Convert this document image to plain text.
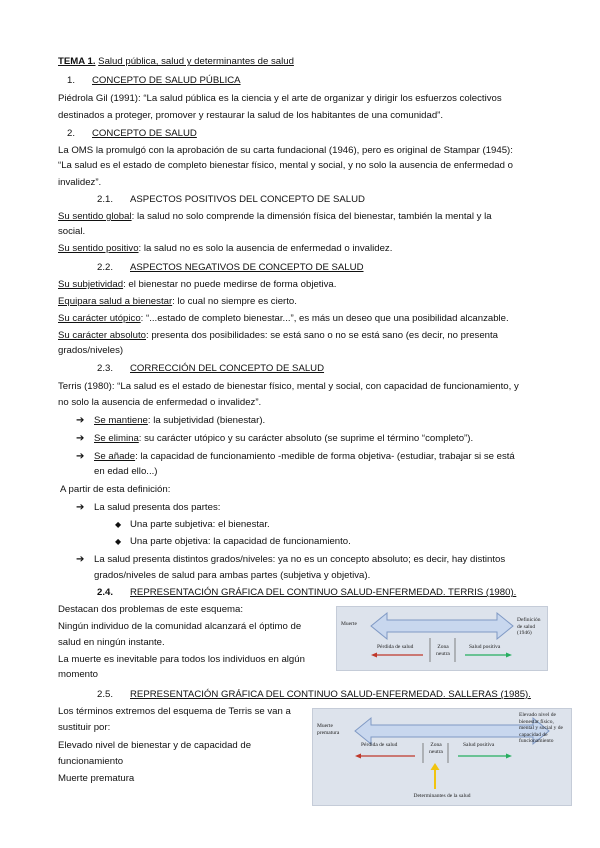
TEMA 1. Salud pública, salud y determinantes de salud
1. CONCEPTO DE SALUD PÚBLICA
Piédrola Gil (1991): “La salud pública es la ciencia y el arte de organizar y dirigir los esfuerzos colectivos
destinados a proteger, promover y restaurar la salud de los habitantes de una comunidad”.
2. CONCEPTO DE SALUD
La OMS la promulgó con la aprobación de su carta fundacional (1946), pero es original de Stampar (1945):
“La salud es el estado de completo bienestar físico, mental y social, y no solo la ausencia de enfermedad o
invalidez”.
2.1. ASPECTOS POSITIVOS DEL CONCEPTO DE SALUD
Su sentido global: la salud no solo comprende la dimensión física del bienestar, también la mental y la
social.
Su sentido positivo: la salud no es solo la ausencia de enfermedad o invalidez.
2.2. ASPECTOS NEGATIVOS DE CONCEPTO DE SALUD
Su subjetividad: el bienestar no puede medirse de forma objetiva.
Equipara salud a bienestar: lo cual no siempre es cierto.
Su carácter utópico: “...estado de completo bienestar...”, es más un deseo que una posibilidad alcanzable.
Su carácter absoluto: presenta dos posibilidades: se está sano o no se está sano (es decir, no presenta
grados/niveles)
2.3. CORRECCIÓN DEL CONCEPTO DE SALUD
Terris (1980): “La salud es el estado de bienestar físico, mental y social, con capacidad de funcionamiento, y
no solo la ausencia de enfermedad o invalidez”.
➔ Se mantiene: la subjetividad (bienestar).
➔ Se elimina: su carácter utópico y su carácter absoluto (se suprime el término “completo”).
➔ Se añade: la capacidad de funcionamiento -medible de forma objetiva- (estudiar, trabajar si se está
en edad ello...)
A partir de esta definición:
➔ La salud presenta dos partes:
◆ Una parte subjetiva: el bienestar.
◆ Una parte objetiva: la capacidad de funcionamiento.
➔ La salud presenta distintos grados/niveles: ya no es un concepto absoluto; es decir, hay distintos
grados/niveles de salud para ambas partes (subjetiva y objetiva).
2.4. REPRESENTACIÓN GRÁFICA DEL CONTINUO SALUD-ENFERMEDAD. TERRIS (1980).
Destacan dos problemas de este esquema:
Ningún individuo de la comunidad alcanzará el óptimo de
salud en ningún instante.
La muerte es inevitable para todos los individuos en algún
momento
Muerte
Definición de salud (1946)
Pérdida de salud	Zona neutra
Salud positiva
2.5. REPRESENTACIÓN GRÁFICA DEL CONTINUO SALUD-ENFERMEDAD. SALLERAS (1985).
Los términos extremos del esquema de Terris se van a
sustituir por:
Elevado nivel de bienestar y de capacidad de
funcionamiento
Muerte prematura
Muerte prematura
Elevado nivel de bienestar físico, mental y social y de capacidad de funcionamiento
Pérdida de salud	Zona neutra
Salud positiva
Determinantes de la salud
